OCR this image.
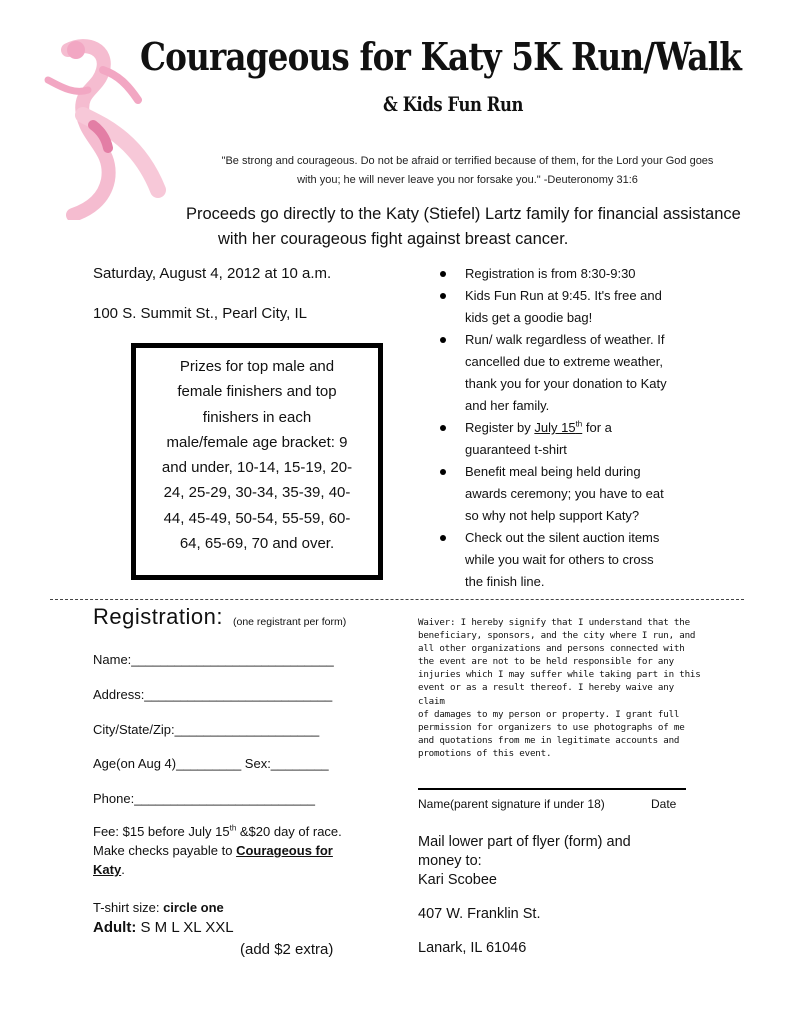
Courageous for Katy 5K Run/Walk
& Kids Fun Run
"Be strong and courageous. Do not be afraid or terrified because of them, for the Lord your God goes
with you; he will never leave you nor forsake you." -Deuteronomy 31:6
Proceeds go directly to the Katy (Stiefel) Lartz family for financial assistance
with her courageous fight against breast cancer.
Saturday, August 4, 2012 at 10 a.m.
100 S. Summit St., Pearl City, IL
Prizes for top male and
female finishers and top
finishers in each
male/female age bracket: 9
and under, 10-14, 15-19, 20-
24, 25-29, 30-34, 35-39, 40-
44, 45-49, 50-54, 55-59, 60-
64, 65-69, 70 and over.
Registration is from 8:30-9:30
Kids Fun Run at 9:45. It's free and
kids get a goodie bag!
Run/ walk regardless of weather. If
cancelled due to extreme weather,
thank you for your donation to Katy
and her family.
Register by July 15th for a
guaranteed t-shirt
Benefit meal being held during
awards ceremony; you have to eat
so why not help support Katy?
Check out the silent auction items
while you wait for others to cross
the finish line.
Registration: (one registrant per form)
Name:____________________________
Address:__________________________
City/State/Zip:____________________
Age(on Aug 4)_________ Sex:________
Phone:_________________________
Fee: $15 before July 15th &$20 day of race.
Make checks payable to Courageous for
Katy.
T-shirt size: circle one
Adult: S M L XL XXL
(add $2 extra)
Waiver: I hereby signify that I understand that the
beneficiary, sponsors, and the city where I run, and
all other organizations and persons connected with
the event are not to be held responsible for any
injuries which I may suffer while taking part in this
event or as a result thereof. I hereby waive any claim
of damages to my person or property. I grant full
permission for organizers to use photographs of me
and quotations from me in legitimate accounts and
promotions of this event.
Name(parent signature if under 18)	Date
Mail lower part of flyer (form) and
money to:
Kari Scobee
407 W. Franklin St.
Lanark, IL 61046
